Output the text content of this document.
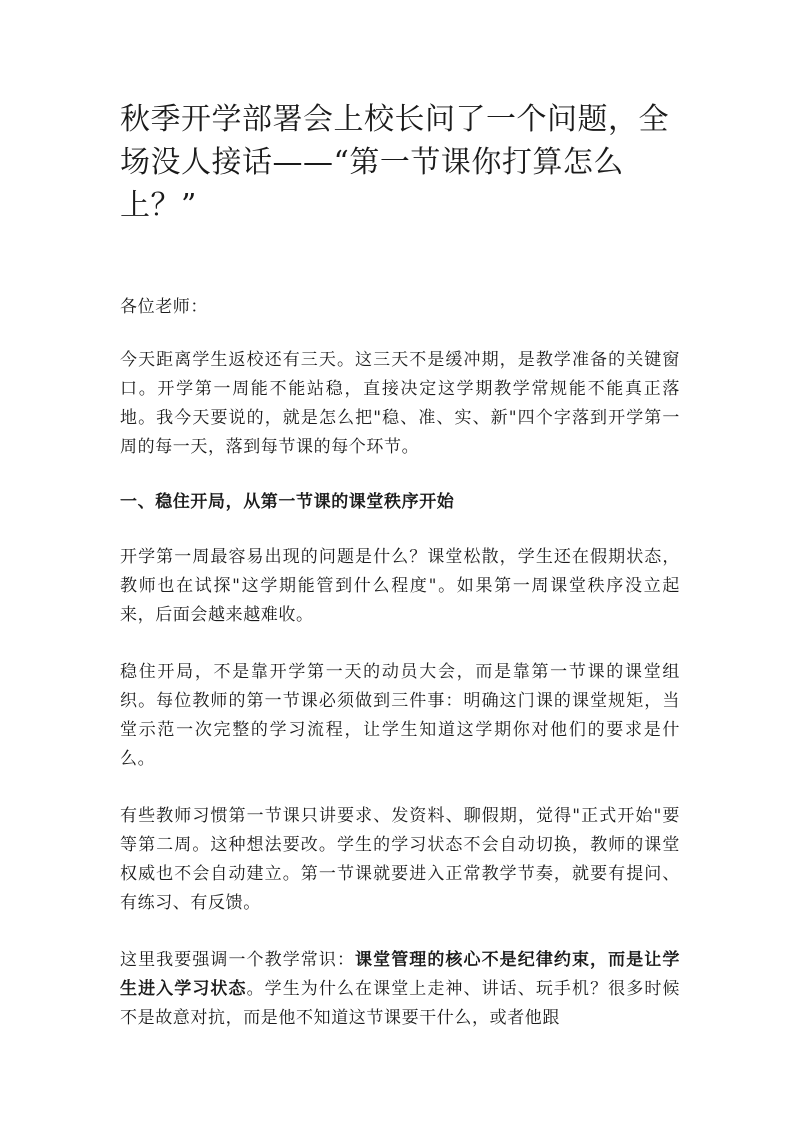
秋季开学部署会上校长问了一个问题，全场没人接话——“第一节课你打算怎么上？”

各位老师：

今天距离学生返校还有三天。这三天不是缓冲期，是教学准备的关键窗口。开学第一周能不能站稳，直接决定这学期教学常规能不能真正落地。我今天要说的，就是怎么把"稳、准、实、新"四个字落到开学第一周的每一天，落到每节课的每个环节。

一、稳住开局，从第一节课的课堂秩序开始

开学第一周最容易出现的问题是什么？课堂松散，学生还在假期状态，教师也在试探"这学期能管到什么程度"。如果第一周课堂秩序没立起来，后面会越来越难收。

稳住开局，不是靠开学第一天的动员大会，而是靠第一节课的课堂组织。每位教师的第一节课必须做到三件事：明确这门课的课堂规矩，当堂示范一次完整的学习流程，让学生知道这学期你对他们的要求是什么。

有些教师习惯第一节课只讲要求、发资料、聊假期，觉得"正式开始"要等第二周。这种想法要改。学生的学习状态不会自动切换，教师的课堂权威也不会自动建立。第一节课就要进入正常教学节奏，就要有提问、有练习、有反馈。

这里我要强调一个教学常识：课堂管理的核心不是纪律约束，而是让学生进入学习状态。学生为什么在课堂上走神、讲话、玩手机？很多时候不是故意对抗，而是他不知道这节课要干什么，或者他跟
